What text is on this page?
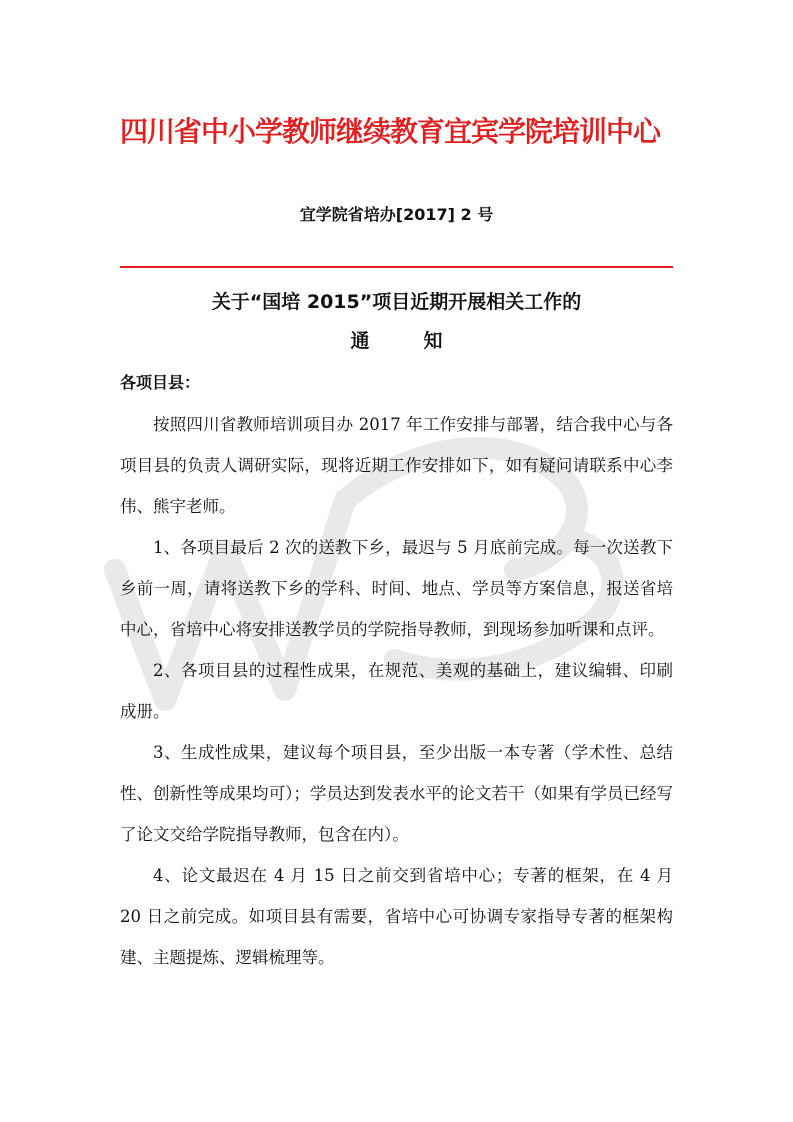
四川省中小学教师继续教育宜宾学院培训中心
宜学院省培办[2017] 2 号
关于“国培 2015”项目近期开展相关工作的
通	知
各项目县：

按照四川省教师培训项目办 2017 年工作安排与部署，结合我中心与各项目县的负责人调研实际，现将近期工作安排如下，如有疑问请联系中心李伟、熊宇老师。

1、各项目最后 2 次的送教下乡，最迟与 5 月底前完成。每一次送教下乡前一周，请将送教下乡的学科、时间、地点、学员等方案信息，报送省培中心，省培中心将安排送教学员的学院指导教师，到现场参加听课和点评。

2、各项目县的过程性成果，在规范、美观的基础上，建议编辑、印刷成册。

3、生成性成果，建议每个项目县，至少出版一本专著（学术性、总结性、创新性等成果均可）；学员达到发表水平的论文若干（如果有学员已经写了论文交给学院指导教师，包含在内）。

4、论文最迟在 4 月 15 日之前交到省培中心；专著的框架，在 4 月 20 日之前完成。如项目县有需要，省培中心可协调专家指导专著的框架构建、主题提炼、逻辑梳理等。
